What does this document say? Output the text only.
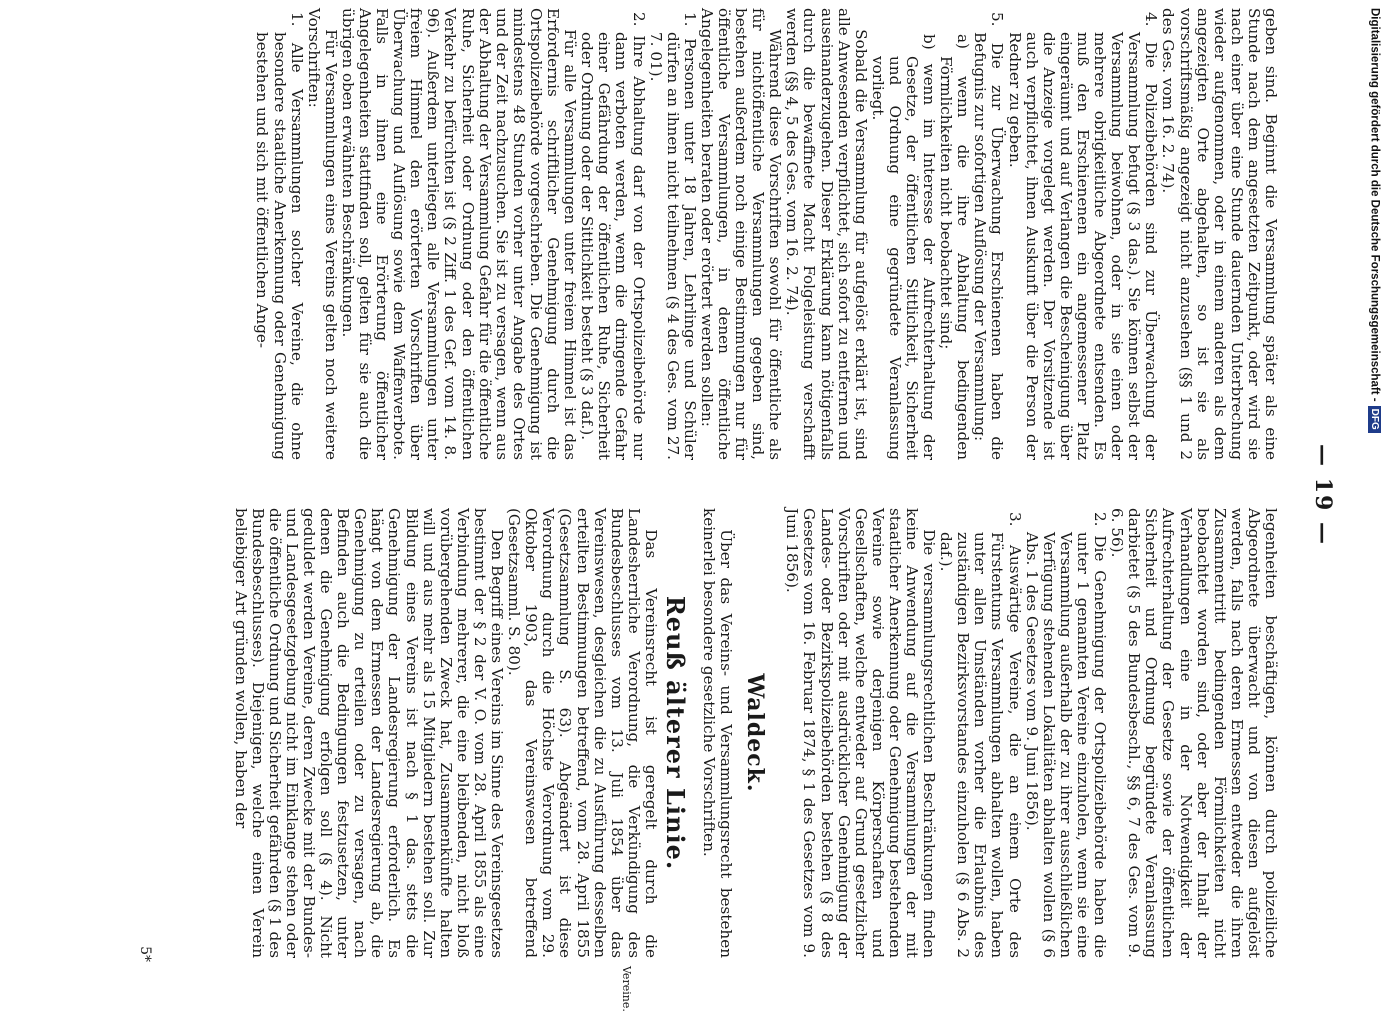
— 19 —
Vereine.

geben sind. Beginnt die Versammlung später als eine Stunde nach dem angesetzten Zeitpunkt, oder wird sie nach einer über eine Stunde dauernden Unterbrechung wieder aufgenommen, oder in einem anderen als dem angezeigten Orte abgehalten, so ist sie als vorschriftsmäßig angezeigt nicht anzusehen (§§ 1 und 2 des Ges. vom 16. 2. 74).

4. Die Polizeibehörden sind zur Überwachung der Versammlung befugt (§ 3 das.). Sie können selbst der Versammlung beiwohnen, oder in sie einen oder mehrere obrigkeitliche Abgeordnete entsenden. Es muß den Erschienenen ein angemessener Platz eingeräumt und auf Verlangen die Bescheinigung über die Anzeige vorgelegt werden. Der Vorsitzende ist auch verpflichtet, ihnen Auskunft über die Person der Redner zu geben.

5. Die zur Überwachung Erschienenen haben die Befugnis zur sofortigen Auflösung der Versammlung:

a) wenn die ihre Abhaltung bedingenden Förmlichkeiten nicht beobachtet sind;

b) wenn im Interesse der Aufrechterhaltung der Gesetze, der öffentlichen Sittlichkeit, Sicherheit und Ordnung eine gegründete Veranlassung vorliegt.

Sobald die Versammlung für aufgelöst erklärt ist, sind alle Anwesenden verpflichtet, sich sofort zu entfernen und auseinanderzugehen. Dieser Erklärung kann nötigenfalls durch die bewaffnete Macht Folgeleistung verschafft werden (§§ 4, 5 des Ges. vom 16. 2. 74).

Während diese Vorschriften sowohl für öffentliche als für nichtöffentliche Versammlungen gegeben sind, bestehen außerdem noch einige Bestimmungen nur für öffentliche Versammlungen, in denen öffentliche Angelegenheiten beraten oder erörtert werden sollen:

1. Personen unter 18 Jahren, Lehrlinge und Schüler dürfen an ihnen nicht teilnehmen (§ 4 des Ges. vom 27. 7. 01).

2. Ihre Abhaltung darf von der Ortspolizeibehörde nur dann verboten werden, wenn die dringende Gefahr einer Gefährdung der öffentlichen Ruhe, Sicherheit oder Ordnung oder der Sittlichkeit besteht (§ 3 daf.).

Für alle Versammlungen unter freiem Himmel ist das Erfordernis schriftlicher Genehmigung durch die Ortspolizeibehörde vorgeschrieben. Die Genehmigung ist mindestens 48 Stunden vorher unter Angabe des Ortes und der Zeit nachzusuchen. Sie ist zu versagen, wenn aus der Abhaltung der Versammlung Gefahr für die öffentliche Ruhe, Sicherheit oder Ordnung oder den öffentlichen Verkehr zu befürchten ist (§ 2 Ziff. 1 des Gef. vom 14. 8. 96). Außerdem unterliegen alle Versammlungen unter freiem Himmel den erörterten Vorschriften über Überwachung und Auflösung sowie dem Waffenverbote. Falls in ihnen eine Erörterung öffentlicher Angelegenheiten stattfinden soll, gelten für sie auch die übrigen oben erwähnten Beschränkungen.

Für Versammlungen eines Vereins gelten noch weitere Vorschriften:

1. Alle Versammlungen solcher Vereine, die ohne besondere staatliche Anerkennung oder Genehmigung bestehen und sich mit öffentlichen Ange-

legenheiten beschäftigen, können durch polizeiliche Abgeordnete überwacht und von diesen aufgelöst werden, falls nach deren Ermessen entweder die ihren Zusammentritt bedingenden Förmlichkeiten nicht beobachtet worden sind, oder aber der Inhalt der Verhandlungen eine in der Notwendigkeit der Aufrechterhaltung der Gesetze sowie der öffentlichen Sicherheit und Ordnung begründete Veranlassung darbietet (§ 5 des Bundesbeschl., §§ 6, 7 des Ges. vom 9. 6. 56).

2. Die Genehmigung der Ortspolizeibehörde haben die unter 1 genannten Vereine einzuholen, wenn sie eine Versammlung außerhalb der zu ihrer ausschließlichen Verfügung stehenden Lokalitäten abhalten wollen (§ 6 Abs. 1 des Gesetzes vom 9. Juni 1856).

3. Auswärtige Vereine, die an einem Orte des Fürstentums Versammlungen abhalten wollen, haben unter allen Umständen vorher die Erlaubnis des zuständigen Bezirksvorstandes einzuholen (§ 6 Abs. 2 daf.).

Die versammlungsrechtlichen Beschränkungen finden keine Anwendung auf die Versammlungen der mit staatlicher Anerkennung oder Genehmigung bestehenden Vereine sowie derjenigen Körperschaften und Gesellschaften, welche entweder auf Grund gesetzlicher Vorschriften oder mit ausdrücklicher Genehmigung der Landes- oder Bezirkspolizeibehörden bestehen (§ 8 des Gesetzes vom 16. Februar 1874, § 1 des Gesetzes vom 9. Juni 1856).

Waldeck.

Über das Vereins- und Versammlungsrecht bestehen keinerlei besondere gesetzliche Vorschriften.

Reuß älterer Linie.

Das Vereinsrecht ist geregelt durch die Landesherrliche Verordnung, die Verkündigung des Bundesbeschlusses vom 13. Juli 1854 über das Vereinswesen, desgleichen die zu Ausführung desselben erteilten Bestimmungen betreffend, vom 28. April 1855 (Gesetzsammlung S. 63). Abgeändert ist diese Verordnung durch die Höchste Verordnung vom 29. Oktober 1903, das Vereinswesen betreffend (Gesetzsamml. S. 80).

Den Begriff eines Vereins im Sinne des Vereinsgesetzes bestimmt der § 2 der V. O. vom 28. April 1855 als eine Verbindung mehrerer, die eine bleibenden, nicht bloß vorübergehenden Zweck hat, Zusammenkünfte halten will und aus mehr als 15 Mitgliedern bestehen soll. Zur Bildung eines Vereins ist nach § 1 das. stets die Genehmigung der Landesregierung erforderlich. Es hängt von dem Ermessen der Landesregierung ab, die Genehmigung zu erteilen oder zu versagen, nach Befinden auch die Bedingungen festzusetzen, unter denen die Genehmigung erfolgen soll (§ 4). Nicht geduldet werden Vereine, deren Zwecke mit der Bundes- und Landesgesetzgebung nicht im Einklange stehen oder die öffentliche Ordnung und Sicherheit gefährden (§ 1 des Bundesbeschlusses). Diejenigen, welche einen Verein beliebiger Art gründen wollen, haben der

5*
Digitalisierung gefördert durch die Deutsche Forschungsgemeinschaft -DFG
